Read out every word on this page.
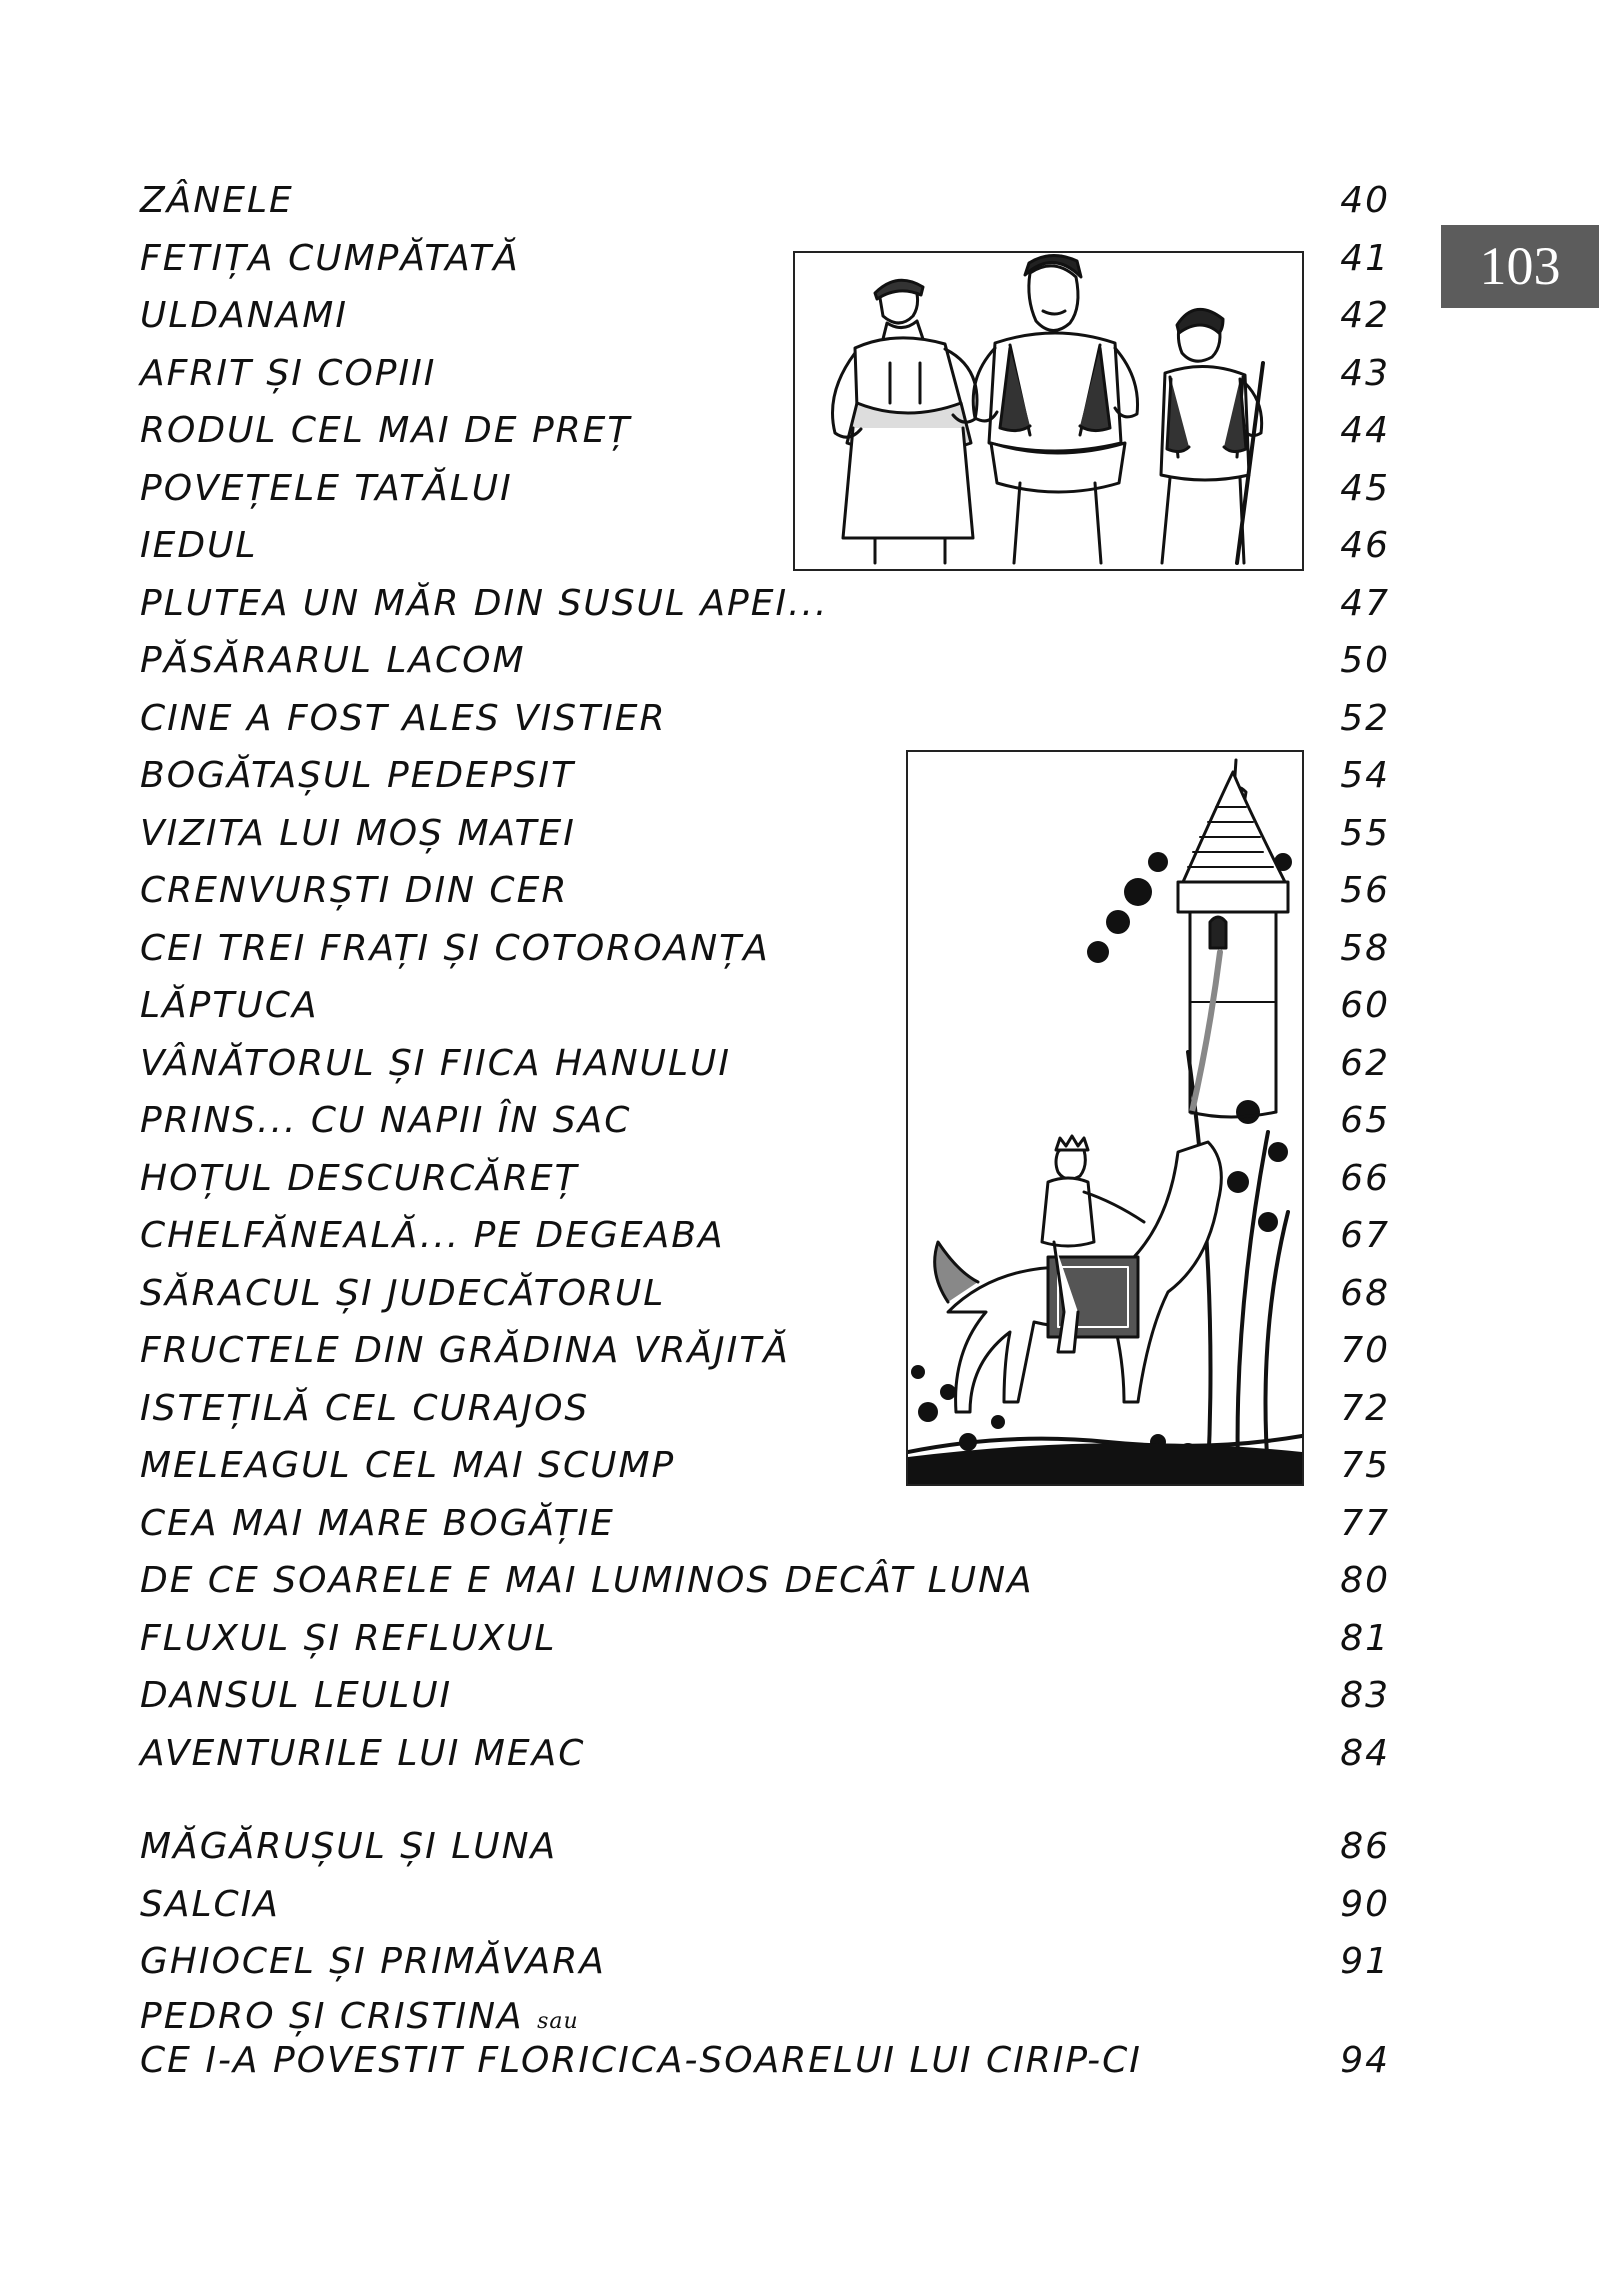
103
ZÂNELE	40
FETIȚA CUMPĂTATĂ	41
ULDANAMI	42
AFRIT ȘI COPIII	43
RODUL CEL MAI DE PREȚ	44
POVEȚELE TATĂLUI	45
IEDUL	46
PLUTEA UN MĂR DIN SUSUL APEI...	47
PĂSĂRARUL LACOM	50
CINE A FOST ALES VISTIER	52
BOGĂTAȘUL PEDEPSIT	54
VIZITA LUI MOȘ MATEI	55
CRENVURȘTI DIN CER	56
CEI TREI FRAȚI ȘI COTOROANȚA	58
LĂPTUCA	60
VÂNĂTORUL ȘI FIICA HANULUI	62
PRINS... CU NAPII ÎN SAC	65
HOȚUL DESCURCĂREȚ	66
CHELFĂNEALĂ... PE DEGEABA	67
SĂRACUL ȘI JUDECĂTORUL	68
FRUCTELE DIN GRĂDINA VRĂJITĂ	70
ISTEȚILĂ CEL CURAJOS	72
MELEAGUL CEL MAI SCUMP	75
CEA MAI MARE BOGĂȚIE	77
DE CE SOARELE E MAI LUMINOS DECÂT LUNA	80
FLUXUL ȘI REFLUXUL	81
DANSUL LEULUI	83
AVENTURILE LUI MEAC	84
MĂGĂRUȘUL ȘI LUNA	86
SALCIA	90
GHIOCEL ȘI PRIMĂVARA	91
PEDRO ȘI CRISTINA sau
CE I-A POVESTIT FLORICICA-SOARELUI LUI CIRIP-CI	94
